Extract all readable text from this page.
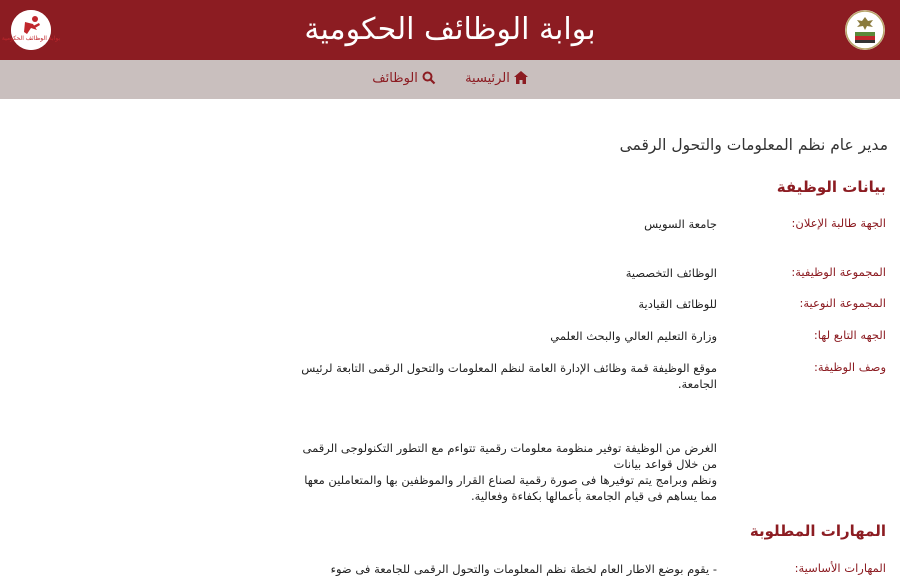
بوابة الوظائف الحكومية	بوابة الوظائف الحكومية
الرئيسية
الوظائف
مدير عام نظم المعلومات والتحول الرقمى
بيانات الوظيفة
الجهة طالبة الإعلان:
جامعة السويس
المجموعة الوظيفية:
الوظائف التخصصية
المجموعة النوعية:
للوظائف القيادية
الجهه التابع لها:
وزارة التعليم العالي والبحث العلمي
وصف الوظيفة:
موقع الوظيفة قمة وظائف الإدارة العامة لنظم المعلومات والتحول الرقمى التابعة لرئيس الجامعة.
الغرض من الوظيفة توفير منظومة معلومات رقمية تتواءم مع التطور التكنولوجى الرقمى من خلال قواعد بيانات
ونظم وبرامج يتم توفيرها فى صورة رقمية لصناع القرار والموظفين بها والمتعاملين معها مما يساهم فى قيام الجامعة بأعمالها بكفاءة وفعالية.
المهارات المطلوبة
المهارات الأساسية:
- يقوم بوضع الاطار العام لخطة نظم المعلومات والتحول الرقمى للجامعة فى ضوء
